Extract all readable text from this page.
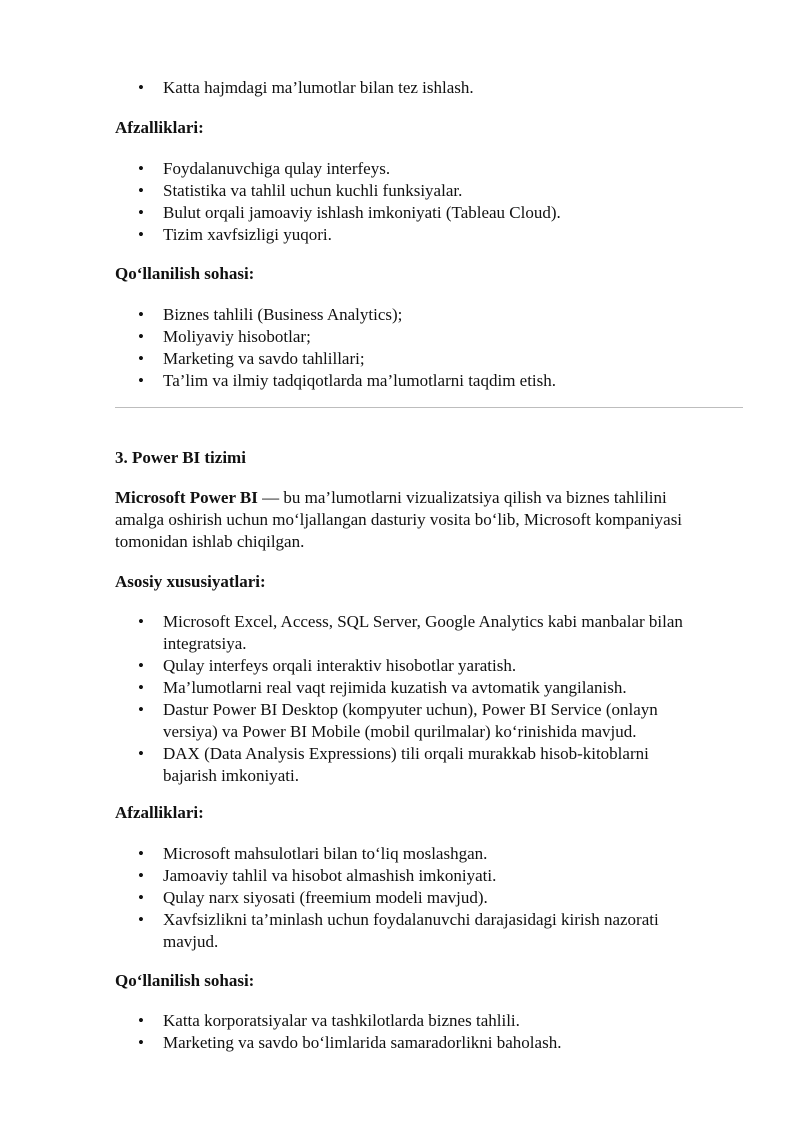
• Katta hajmdagi ma’lumotlar bilan tez ishlash.

Afzalliklari:

• Foydalanuvchiga qulay interfeys.
• Statistika va tahlil uchun kuchli funksiyalar.
• Bulut orqali jamoaviy ishlash imkoniyati (Tableau Cloud).
• Tizim xavfsizligi yuqori.

Qo‘llanilish sohasi:

• Biznes tahlili (Business Analytics);
• Moliyaviy hisobotlar;
• Marketing va savdo tahlillari;
• Ta’lim va ilmiy tadqiqotlarda ma’lumotlarni taqdim etish.

3. Power BI tizimi

Microsoft Power BI — bu ma’lumotlarni vizualizatsiya qilish va biznes tahlilini

amalga oshirish uchun mo‘ljallangan dasturiy vosita bo‘lib, Microsoft kompaniyasi

tomonidan ishlab chiqilgan.

Asosiy xususiyatlari:

• Microsoft Excel, Access, SQL Server, Google Analytics kabi manbalar bilan
integratsiya.
• Qulay interfeys orqali interaktiv hisobotlar yaratish.
• Ma’lumotlarni real vaqt rejimida kuzatish va avtomatik yangilanish.
• Dastur Power BI Desktop (kompyuter uchun), Power BI Service (onlayn
versiya) va Power BI Mobile (mobil qurilmalar) ko‘rinishida mavjud.
• DAX (Data Analysis Expressions) tili orqali murakkab hisob-kitoblarni
bajarish imkoniyati.

Afzalliklari:

• Microsoft mahsulotlari bilan to‘liq moslashgan.
• Jamoaviy tahlil va hisobot almashish imkoniyati.
• Qulay narx siyosati (freemium modeli mavjud).
• Xavfsizlikni ta’minlash uchun foydalanuvchi darajasidagi kirish nazorati
mavjud.

Qo‘llanilish sohasi:

• Katta korporatsiyalar va tashkilotlarda biznes tahlili.
• Marketing va savdo bo‘limlarida samaradorlikni baholash.
